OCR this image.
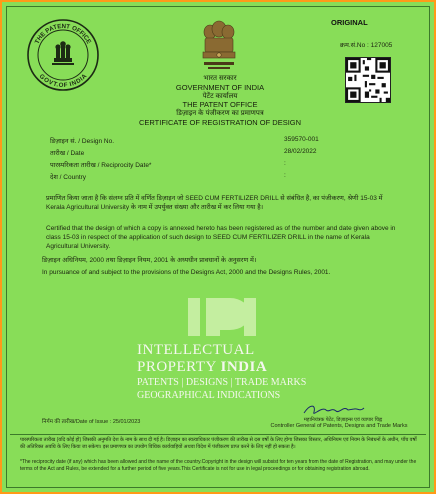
THE PATENT OFFICE
GOVT.OF INDIA
ORIGINAL
क्रम.सं.No : 127005
भारत सरकार
GOVERNMENT OF INDIA
पेटेंट कार्यालय
THE PATENT OFFICE
डिज़ाइन के पंजीकरण का प्रमाणपत्र
CERTIFICATE OF REGISTRATION OF DESIGN
डिज़ाइन सं. / Design No.	359570-001
तारीख / Date	28/02/2022
पारस्परिकता तारीख / Reciprocity Date*	:
देश / Country	:
प्रमाणित किया जाता है कि संलग्न प्रति में वर्णित डिज़ाइन जो SEED CUM FERTILIZER DRILL से संबंधित है, का पंजीकरण, श्रेणी 15-03 में Kerala Agricultural University के नाम में उपर्युक्त संख्या और तारीख में कर लिया गया है।
Certified that the design of which a copy is annexed hereto has been registered as of the number and date given above in class 15-03 in respect of the application of such design to SEED CUM FERTILIZER DRILL in the name of Kerala Agricultural University.
डिज़ाइन अधिनियम, 2000 तथा डिज़ाइन नियम, 2001 के अध्यधीन प्रावधानों के अनुसरण में।
In pursuance of and subject to the provisions of the Designs Act, 2000 and the Designs Rules, 2001.
INTELLECTUAL
PROPERTY INDIA
PATENTS | DESIGNS | TRADE MARKS
GEOGRAPHICAL INDICATIONS
निर्गम की तारीख/Date of Issue : 25/01/2023	महानियंत्रक पेटेंट, डिज़ाइन्स एवं व्यापार चिह्न
Controller General of Patents, Designs and Trade Marks
पारस्परिकता तारीख (यदि कोई हो) जिसकी अनुमति देश के नाम के साथ दी गई है। डिज़ाइन का स्वत्वाधिकार पंजीकरण की तारीख से दस वर्षों के लिए होगा जिसका विस्तार, अधिनियम एवं नियम के निबंधनों के अधीन, पाँच वर्षों की अतिरिक्त अवधि के लिए किया जा सकेगा। इस प्रमाणपत्र का उपयोग विधिक कार्यवाहियों अथवा विदेश में पंजीकरण प्राप्त करने के लिए नहीं हो सकता है।
*The reciprocity date (if any) which has been allowed and the name of the country.Copyright in the design will subsist for ten years from the date of Registration, and may under the terms of the Act and Rules, be extended for a further period of five years.This Certificate is not for use in legal proceedings or for obtaining registration abroad.
